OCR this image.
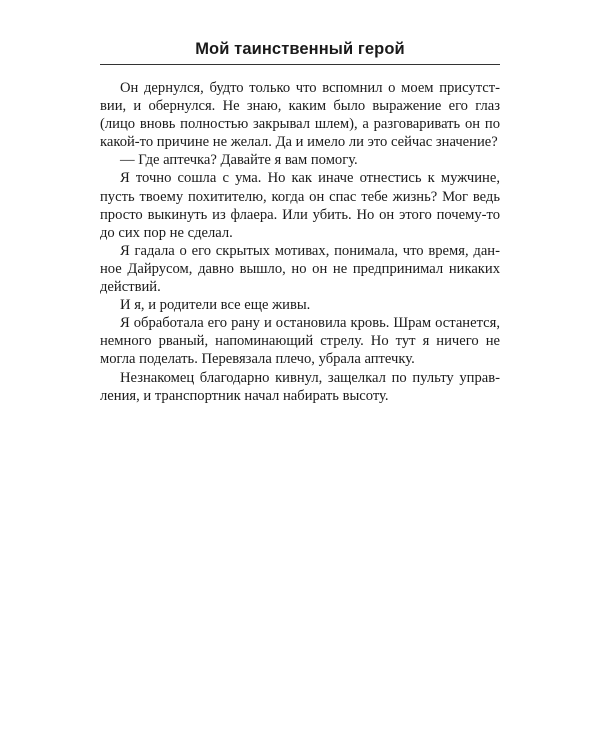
Мой таинственный герой

Он дернулся, будто только что вспомнил о моем присутствии, и обернулся. Не знаю, каким было выражение его глаз (лицо вновь полностью закрывал шлем), а разговаривать он по какой-то причине не желал. Да и имело ли это сейчас значение?

— Где аптечка? Давайте я вам помогу.

Я точно сошла с ума. Но как иначе отнестись к мужчине, пусть твоему похитителю, когда он спас тебе жизнь? Мог ведь просто выкинуть из флаера. Или убить. Но он этого почему-то до сих пор не сделал.

Я гадала о его скрытых мотивах, понимала, что время, данное Дайрусом, давно вышло, но он не предпринимал никаких действий.

И я, и родители все еще живы.

Я обработала его рану и остановила кровь. Шрам останется, немного рваный, напоминающий стрелу. Но тут я ничего не могла поделать. Перевязала плечо, убрала аптечку.

Незнакомец благодарно кивнул, защелкал по пульту управления, и транспортник начал набирать высоту.
